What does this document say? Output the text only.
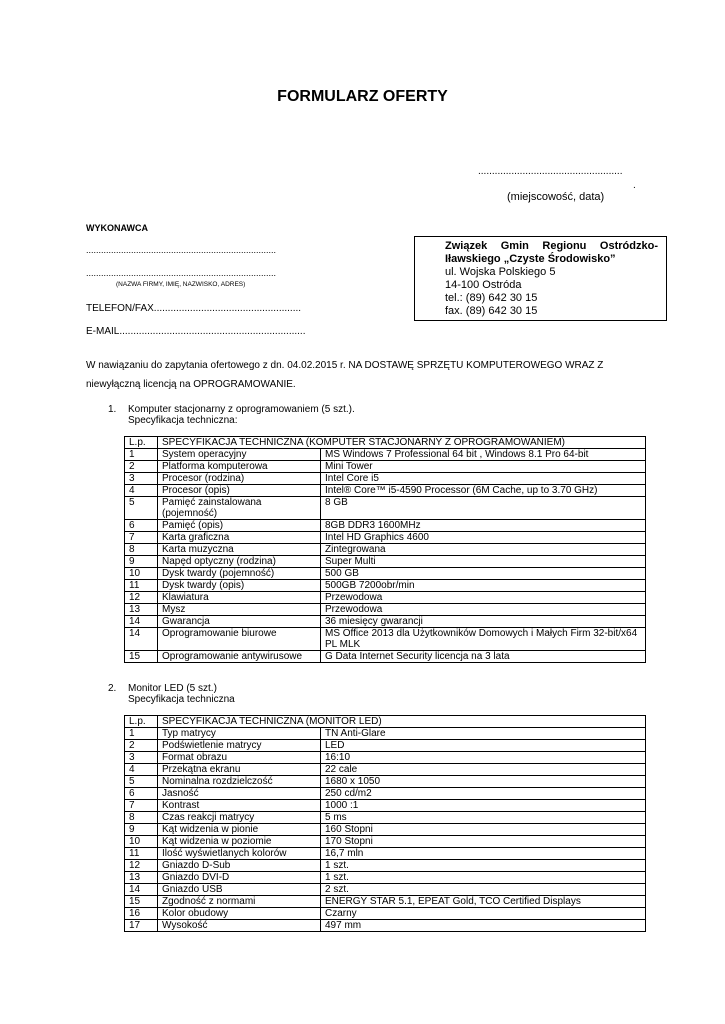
FORMULARZ OFERTY
....................................................
.
(miejscowość, data)
WYKONAWCA
............................................................................
............................................................................
(NAZWA FIRMY, IMIĘ, NAZWISKO, ADRES)
TELEFON/FAX.....................................................
E-MAIL...................................................................
Związek Gmin Regionu Ostródzko-Iławskiego „Czyste Środowisko”
ul. Wojska Polskiego 5
14-100 Ostróda
tel.: (89) 642 30 15
fax. (89) 642 30 15
W nawiązaniu do zapytania ofertowego z dn. 04.02.2015 r. NA DOSTAWĘ SPRZĘTU KOMPUTEROWEGO WRAZ Z niewyłączną licencją na OPROGRAMOWANIE.
1. Komputer stacjonarny z oprogramowaniem (5 szt.).
Specyfikacja techniczna:
L.p.	SPECYFIKACJA TECHNICZNA (KOMPUTER STACJONARNY Z OPROGRAMOWANIEM)	
1	System operacyjny	MS Windows 7 Professional 64 bit , Windows 8.1 Pro 64-bit
2	Platforma komputerowa	Mini Tower
3	Procesor (rodzina)	Intel Core i5
4	Procesor (opis)	Intel® Core™ i5-4590 Processor (6M Cache, up to 3.70 GHz)
5	Pamięć zainstalowana (pojemność)	8 GB
6	Pamięć (opis)	8GB DDR3 1600MHz
7	Karta graficzna	Intel HD Graphics 4600
8	Karta muzyczna	Zintegrowana
9	Napęd optyczny (rodzina)	Super Multi
10	Dysk twardy (pojemność)	500 GB
11	Dysk twardy (opis)	500GB 7200obr/min
12	Klawiatura	Przewodowa
13	Mysz	Przewodowa
14	Gwarancja	36 miesięcy gwarancji
14	Oprogramowanie biurowe	MS Office 2013 dla Użytkowników Domowych i Małych Firm 32-bit/x64 PL MLK
15	Oprogramowanie antywirusowe	G Data Internet Security licencja na 3 lata
2. Monitor LED (5 szt.)
Specyfikacja techniczna
L.p.	SPECYFIKACJA TECHNICZNA (MONITOR LED)	
1	Typ matrycy	TN Anti-Glare
2	Podświetlenie matrycy	LED
3	Format obrazu	16:10
4	Przekątna ekranu	22 cale
5	Nominalna rozdzielczość	1680 x 1050
6	Jasność	250 cd/m2
7	Kontrast	1000 :1
8	Czas reakcji matrycy	5 ms
9	Kąt widzenia w pionie	160 Stopni
10	Kąt widzenia w poziomie	170 Stopni
11	Ilość wyświetlanych kolorów	16,7 mln
12	Gniazdo D-Sub	1 szt.
13	Gniazdo DVI-D	1 szt.
14	Gniazdo USB	2 szt.
15	Zgodność z normami	ENERGY STAR 5.1, EPEAT Gold, TCO Certified Displays
16	Kolor obudowy	Czarny
17	Wysokość	497 mm
